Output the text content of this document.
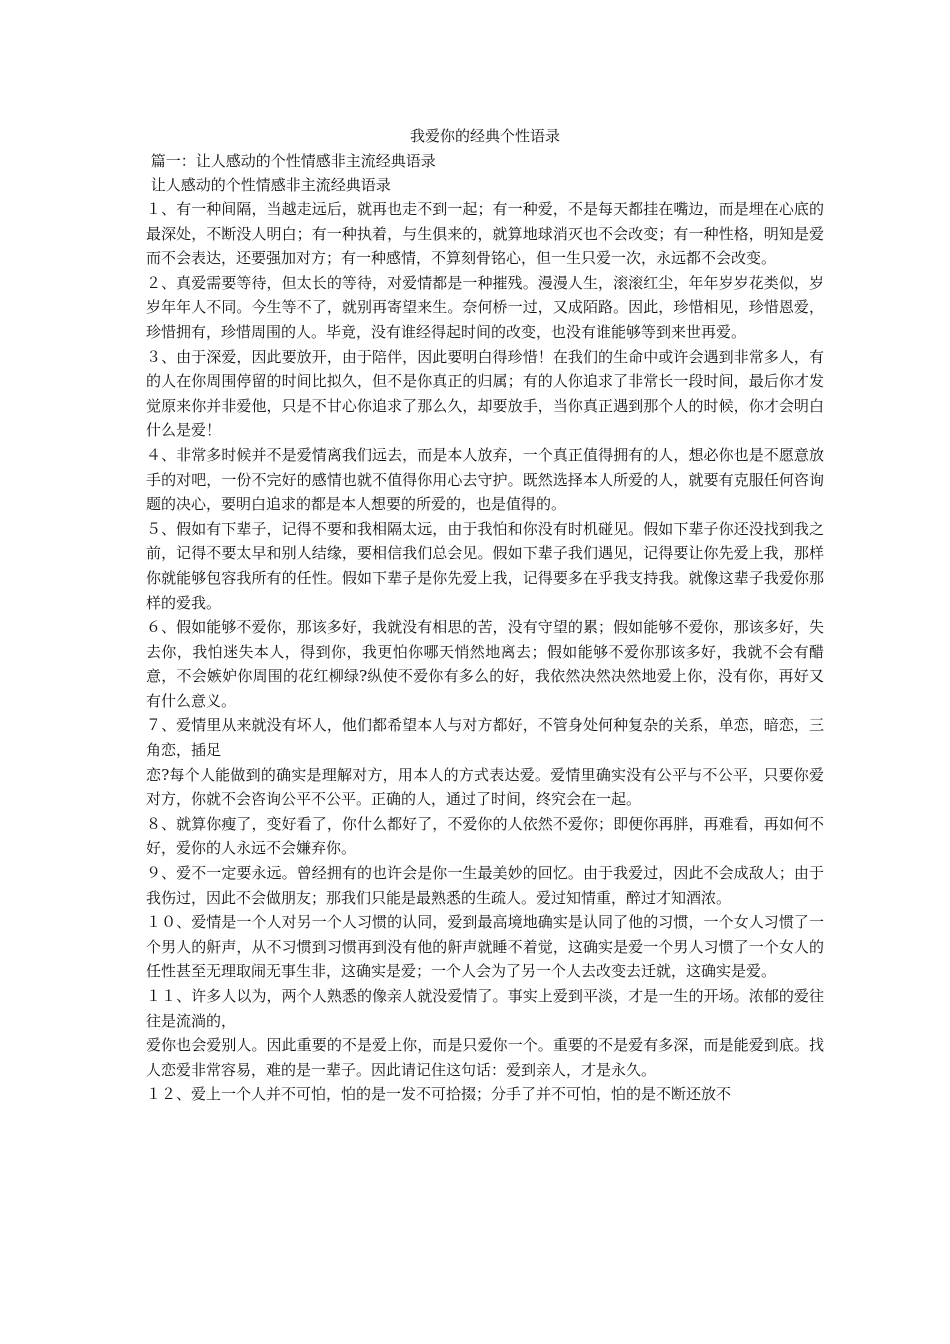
我爱你的经典个性语录
篇一：让人感动的个性情感非主流经典语录
让人感动的个性情感非主流经典语录
１、有一种间隔，当越走远后，就再也走不到一起；有一种爱，不是每天都挂在嘴边，而是埋在心底的最深处，不断没人明白；有一种执着，与生俱来的，就算地球消灭也不会改变；有一种性格，明知是爱而不会表达，还要强加对方；有一种感情，不算刻骨铭心，但一生只爱一次，永远都不会改变。
２、真爱需要等待，但太长的等待，对爱情都是一种摧残。漫漫人生，滚滚红尘，年年岁岁花类似，岁岁年年人不同。今生等不了，就别再寄望来生。奈何桥一过，又成陌路。因此，珍惜相见，珍惜恩爱，珍惜拥有，珍惜周围的人。毕竟，没有谁经得起时间的改变，也没有谁能够等到来世再爱。
３、由于深爱，因此要放开，由于陪伴，因此要明白得珍惜！在我们的生命中或许会遇到非常多人，有的人在你周围停留的时间比拟久，但不是你真正的归属；有的人你追求了非常长一段时间，最后你才发觉原来你并非爱他，只是不甘心你追求了那么久，却要放手，当你真正遇到那个人的时候，你才会明白什么是爱！
４、非常多时候并不是爱情离我们远去，而是本人放弃，一个真正值得拥有的人，想必你也是不愿意放手的对吧，一份不完好的感情也就不值得你用心去守护。既然选择本人所爱的人，就要有克服任何咨询题的决心，要明白追求的都是本人想要的所爱的，也是值得的。
５、假如有下辈子，记得不要和我相隔太远，由于我怕和你没有时机碰见。假如下辈子你还没找到我之前，记得不要太早和别人结缘，要相信我们总会见。假如下辈子我们遇见，记得要让你先爱上我，那样你就能够包容我所有的任性。假如下辈子是你先爱上我，记得要多在乎我支持我。就像这辈子我爱你那样的爱我。
６、假如能够不爱你，那该多好，我就没有相思的苦，没有守望的累；假如能够不爱你，那该多好，失去你，我怕迷失本人，得到你，我更怕你哪天悄然地离去；假如能够不爱你那该多好，我就不会有醋意，不会嫉妒你周围的花红柳绿?纵使不爱你有多么的好，我依然决然决然地爱上你，没有你，再好又有什么意义。
７、爱情里从来就没有坏人，他们都希望本人与对方都好，不管身处何种复杂的关系，单恋，暗恋，三角恋，插足
恋?每个人能做到的确实是理解对方，用本人的方式表达爱。爱情里确实没有公平与不公平，只要你爱对方，你就不会咨询公平不公平。正确的人，通过了时间，终究会在一起。
８、就算你瘦了，变好看了，你什么都好了，不爱你的人依然不爱你；即便你再胖，再难看，再如何不好，爱你的人永远不会嫌弃你。
９、爱不一定要永远。曾经拥有的也许会是你一生最美妙的回忆。由于我爱过，因此不会成敌人；由于我伤过，因此不会做朋友；那我们只能是最熟悉的生疏人。爱过知情重，醉过才知酒浓。
１０、爱情是一个人对另一个人习惯的认同，爱到最高境地确实是认同了他的习惯，一个女人习惯了一个男人的鼾声，从不习惯到习惯再到没有他的鼾声就睡不着觉，这确实是爱一个男人习惯了一个女人的任性甚至无理取闹无事生非，这确实是爱；一个人会为了另一个人去改变去迁就，这确实是爱。
１１、许多人以为，两个人熟悉的像亲人就没爱情了。事实上爱到平淡，才是一生的开场。浓郁的爱往往是流淌的，
爱你也会爱别人。因此重要的不是爱上你，而是只爱你一个。重要的不是爱有多深，而是能爱到底。找人恋爱非常容易，难的是一辈子。因此请记住这句话：爱到亲人，才是永久。
１２、爱上一个人并不可怕，怕的是一发不可拾掇；分手了并不可怕，怕的是不断还放不
